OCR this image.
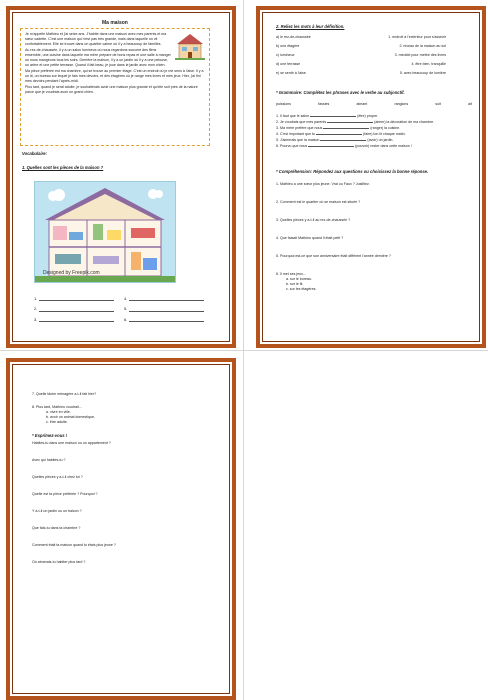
Ma maison

Je m'appelle Mathieu et j'ai seize ans. J'habite dans une maison avec mes parents et ma sœur cadette. C'est une maison qui n'est pas très grande, mais dans laquelle on vit confortablement. Elle se trouve dans un quartier calme où il y a beaucoup de familles.

Au rez-de-chaussée, il y a un salon lumineux où nous regardons souvent des films ensemble, une cuisine dans laquelle ma mère prépare de bons repas et une salle à manger où nous mangeons tous les soirs. Derrière la maison, il y a un jardin où il y a une pelouse, un arbre et une petite terrasse. Quand il fait beau, je joue dans le jardin avec mon chien.

Ma pièce préférée est ma chambre, qui se trouve au premier étage. C'est un endroit où je me sens à l'aise. Il y a un lit, un bureau sur lequel je fais mes devoirs, et des étagères où je range mes livres et mes jeux. Hier, j'ai fini mes devoirs pendant l'après-midi.

Plus tard, quand je serai adulte, je souhaiterais avoir une maison plus grande et qu'elle soit près de la nature parce que je voudrais avoir un grand chien.

Vocabulaire:
1. Quelles sont les pièces de la maison ?
Designed by Freepik.com
1.	4.
2.	5.
3.	6.
2. Reliez les mots à leur définition.
a) le rez-de-chaussée	1. endroit à l'extérieur pour s'asseoir
b) une étagère	2. niveau de la maison au sol
c) lumineux	3. meuble pour mettre des livres
d) une terrasse	4. être bien, tranquille
e) se sentir à l'aise	5. avec beaucoup de lumière
* Grammaire: Complétez les phrases avec le verbe au subjonctif.
puissions	fassies	aimant	rangions	soit	ait
1. Il faut que le salon	(être) propre.
2. Je voudrais que mes parents	(aimer) la décoration de ma chambre.
3. Ma mère préfère que nous	(ranger) la cuisine.
4. C'est important que tu	(faire) ton lit chaque matin.
5. J'aimerais que la maison	(avoir) un jardin.
6. Pourvu que nous	(pouvoir) rester dans cette maison !
* Compréhension: Répondez aux questions ou choisissez la bonne réponse.
1. Mathieu a une sœur plus jeune. Vrai ou Faux ? Justifiez.
2. Comment est le quartier où se maison est située ?
3. Quelles pièces y a-t-il au rez-de-chaussée ?
4. Que faisait Mathieu quand il était petit ?
5. Pourquoi est-ce que son anniversaire était différent l'année dernière ?
6. Il met ses jeux...
a. sur le bureau.
b. sur le lit.
c. sur les étagères.
7. Quelle tâche ménagère a-t-il fait hier?
8. Plus tard, Mathieu voudrait...
a. vivre en ville.
b. avoir un animal domestique.
c. être adulte.
* Exprimez-vous !
Habites-tu dans une maison ou un appartement ?
Avec qui habites-tu ?
Quelles pièces y a-t-il chez toi ?
Quelle est ta pièce préférée ? Pourquoi ?
Y a-t-il un jardin ou un balcon ?
Que fais-tu dans ta chambre ?
Comment était ta maison quand tu étais plus jeune ?
Où aimerais-tu habiter plus tard ?
